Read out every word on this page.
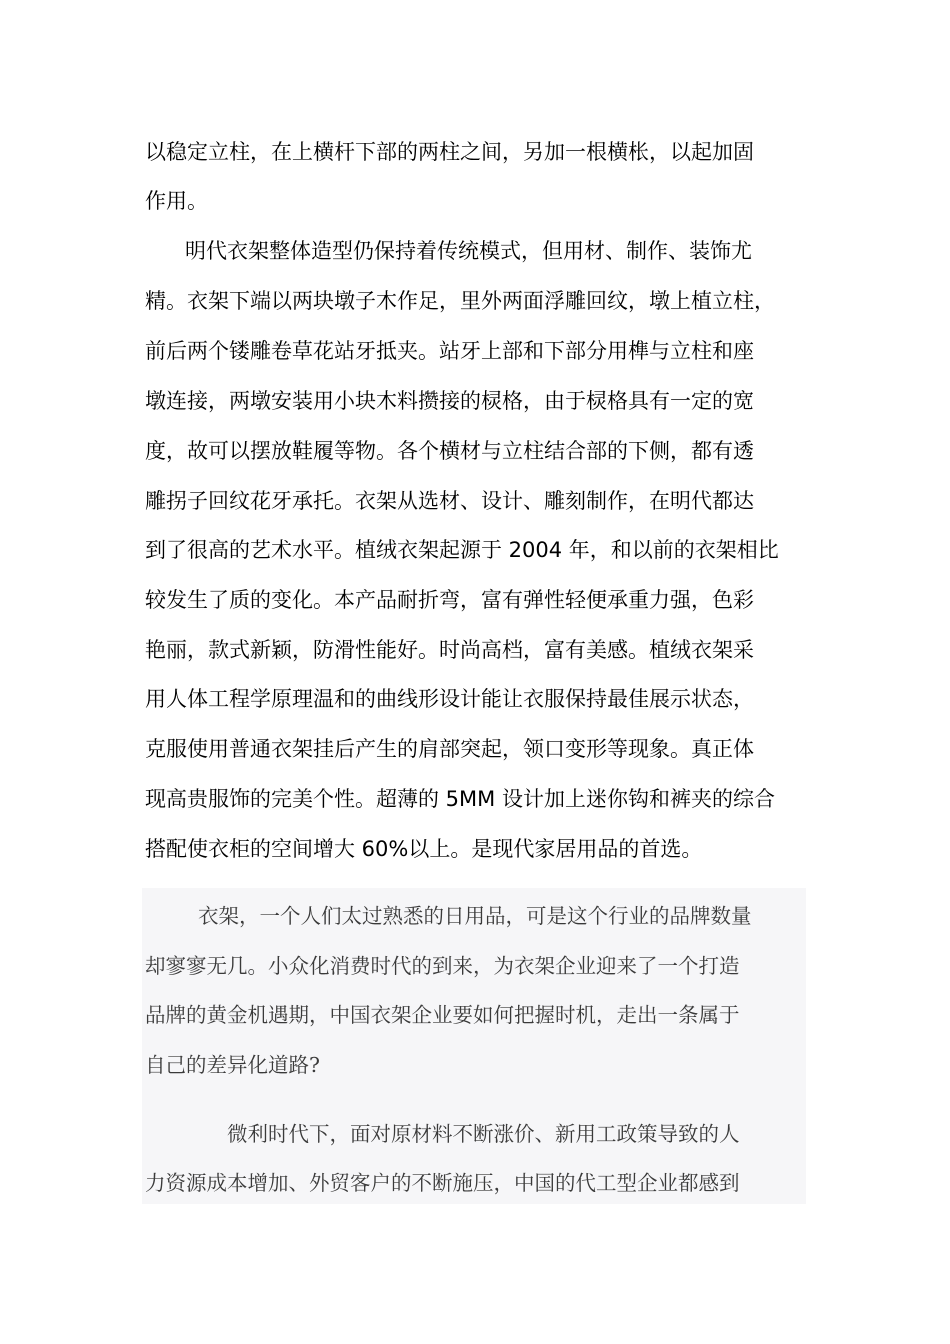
以稳定立柱，在上横杆下部的两柱之间，另加一根横枨，以起加固
作用。
明代衣架整体造型仍保持着传统模式，但用材、制作、装饰尤
精。衣架下端以两块墩子木作足，里外两面浮雕回纹，墩上植立柱，
前后两个镂雕卷草花站牙抵夹。站牙上部和下部分用榫与立柱和座
墩连接，两墩安装用小块木料攒接的棂格，由于棂格具有一定的宽
度，故可以摆放鞋履等物。各个横材与立柱结合部的下侧，都有透
雕拐子回纹花牙承托。衣架从选材、设计、雕刻制作，在明代都达
到了很高的艺术水平。植绒衣架起源于 2004 年，和以前的衣架相比
较发生了质的变化。本产品耐折弯，富有弹性轻便承重力强，色彩
艳丽，款式新颖，防滑性能好。时尚高档，富有美感。植绒衣架采
用人体工程学原理温和的曲线形设计能让衣服保持最佳展示状态，
克服使用普通衣架挂后产生的肩部突起，领口变形等现象。真正体
现高贵服饰的完美个性。超薄的 5MM 设计加上迷你钩和裤夹的综合
搭配使衣柜的空间增大 60%以上。是现代家居用品的首选。
衣架，一个人们太过熟悉的日用品，可是这个行业的品牌数量
却寥寥无几。小众化消费时代的到来，为衣架企业迎来了一个打造
品牌的黄金机遇期，中国衣架企业要如何把握时机，走出一条属于
自己的差异化道路?
微利时代下，面对原材料不断涨价、新用工政策导致的人
力资源成本增加、外贸客户的不断施压，中国的代工型企业都感到
